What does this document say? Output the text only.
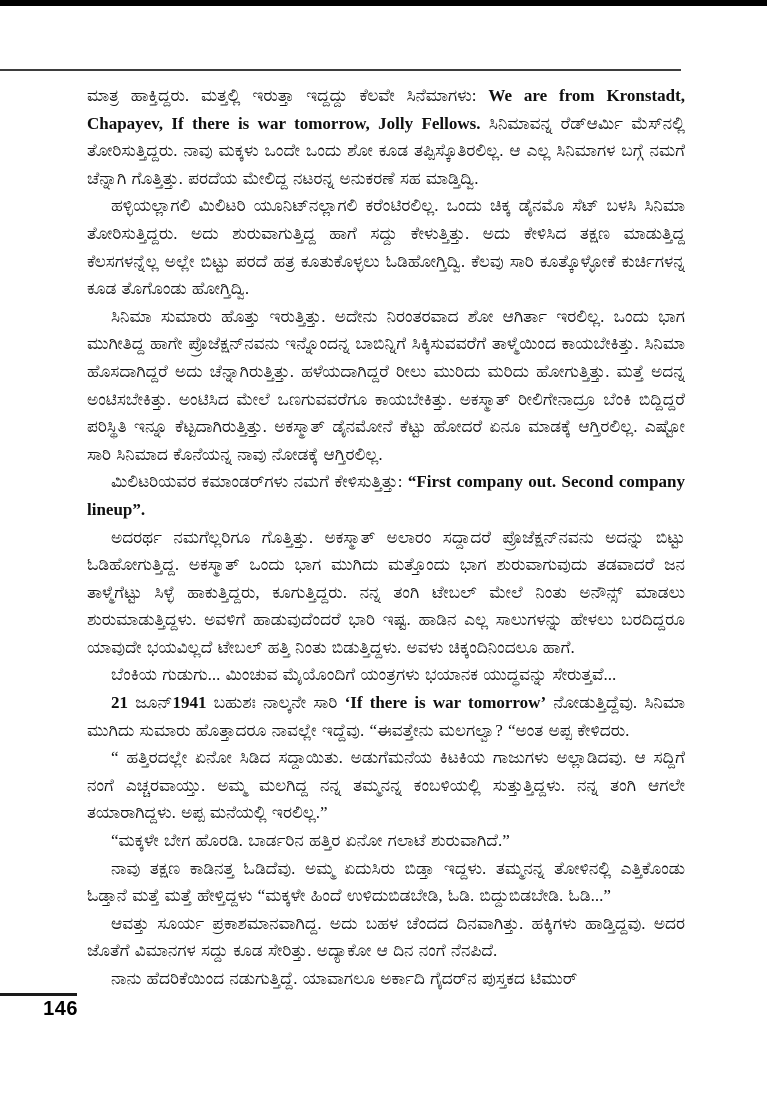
ಮಾತ್ರ ಹಾಕ್ತಿದ್ದರು. ಮತ್ತಲ್ಲಿ ಇರುತ್ತಾ ಇದ್ದದ್ದು ಕೆಲವೇ ಸಿನೆಮಾಗಳು: We are from Kronstadt, Chapayev, If there is war tomorrow, Jolly Fellows. ಸಿನಿಮಾವನ್ನ ರೆಡ್‌ಆರ್ಮಿ ಮೆಸ್‌ನಲ್ಲಿ ತೋರಿಸುತ್ತಿದ್ದರು. ನಾವು ಮಕ್ಕಳು ಒಂದೇ ಒಂದು ಶೋ ಕೂಡ ತಪ್ಪಿಸ್ಕೊತಿರಲಿಲ್ಲ. ಆ ಎಲ್ಲ ಸಿನಿಮಾಗಳ ಬಗ್ಗೆ ನಮಗೆ ಚೆನ್ನಾಗಿ ಗೊತ್ತಿತ್ತು. ಪರದೆಯ ಮೇಲಿದ್ದ ನಟರನ್ನ ಅನುಕರಣೆ ಸಹ ಮಾಡ್ತಿದ್ವಿ.

ಹಳ್ಳಿಯಲ್ಲಾಗಲಿ ಮಿಲಿಟರಿ ಯೂನಿಟ್‌ನಲ್ಲಾಗಲಿ ಕರೆಂಟಿರಲಿಲ್ಲ. ಒಂದು ಚಿಕ್ಕ ಡೈನಮೊ ಸೆಟ್ ಬಳಸಿ ಸಿನಿಮಾ ತೋರಿಸುತ್ತಿದ್ದರು. ಅದು ಶುರುವಾಗುತ್ತಿದ್ದ ಹಾಗೆ ಸದ್ದು ಕೇಳುತ್ತಿತ್ತು. ಅದು ಕೇಳಿಸಿದ ತಕ್ಷಣ ಮಾಡುತ್ತಿದ್ದ ಕೆಲಸಗಳನ್ನೆಲ್ಲ ಅಲ್ಲೇ ಬಿಟ್ಟು ಪರದೆ ಹತ್ರ ಕೂತುಕೊಳ್ಳಲು ಓಡಿಹೋಗ್ತಿದ್ವಿ. ಕೆಲವು ಸಾರಿ ಕೂತ್ಕೊಳ್ಳೋಕೆ ಕುರ್ಚಿಗಳನ್ನ ಕೂಡ ತೊಗೊಂಡು ಹೋಗ್ತಿದ್ವಿ.

ಸಿನಿಮಾ ಸುಮಾರು ಹೊತ್ತು ಇರುತ್ತಿತ್ತು. ಅದೇನು ನಿರಂತರವಾದ ಶೋ ಆಗಿರ್ತಾ ಇರಲಿಲ್ಲ. ಒಂದು ಭಾಗ ಮುಗೀತಿದ್ದ ಹಾಗೇ ಪ್ರೊಜೆಕ್ಷನ್‌ನವನು ಇನ್ನೊಂದನ್ನ ಬಾಬಿನ್ನಿಗೆ ಸಿಕ್ಕಿಸುವವರೆಗೆ ತಾಳ್ಮೆಯಿಂದ ಕಾಯಬೇಕಿತ್ತು. ಸಿನಿಮಾ ಹೊಸದಾಗಿದ್ದರೆ ಅದು ಚೆನ್ನಾಗಿರುತ್ತಿತ್ತು. ಹಳೆಯದಾಗಿದ್ದರೆ ರೀಲು ಮುರಿದು ಮರಿದು ಹೋಗುತ್ತಿತ್ತು. ಮತ್ತೆ ಅದನ್ನ ಅಂಟಿಸಬೇಕಿತ್ತು. ಅಂಟಿಸಿದ ಮೇಲೆ ಒಣಗುವವರೆಗೂ ಕಾಯಬೇಕಿತ್ತು. ಅಕಸ್ಮಾತ್ ರೀಲಿಗೇನಾದ್ರೂ ಬೆಂಕಿ ಬಿದ್ದಿದ್ದರೆ ಪರಿಸ್ಥಿತಿ ಇನ್ನೂ ಕೆಟ್ಟದಾಗಿರುತ್ತಿತ್ತು. ಅಕಸ್ಮಾತ್ ಡೈನಮೋನೆ ಕೆಟ್ಟು ಹೋದರೆ ಏನೂ ಮಾಡಕ್ಕೆ ಆಗ್ತಿರಲಿಲ್ಲ. ಎಷ್ಟೋ ಸಾರಿ ಸಿನಿಮಾದ ಕೊನೆಯನ್ನ ನಾವು ನೋಡಕ್ಕೆ ಆಗ್ತಿರಲಿಲ್ಲ.

ಮಿಲಿಟರಿಯವರ ಕಮಾಂಡರ್‌ಗಳು ನಮಗೆ ಕೇಳಿಸುತ್ತಿತ್ತು: “First company out. Second company lineup”.

ಅದರರ್ಥ ನಮಗೆಲ್ಲರಿಗೂ ಗೊತ್ತಿತ್ತು. ಅಕಸ್ಮಾತ್ ಅಲಾರಂ ಸದ್ದಾದರೆ ಪ್ರೊಜೆಕ್ಷನ್‌ನವನು ಅದನ್ನು ಬಿಟ್ಟು ಓಡಿಹೋಗುತ್ತಿದ್ದ. ಅಕಸ್ಮಾತ್ ಒಂದು ಭಾಗ ಮುಗಿದು ಮತ್ತೊಂದು ಭಾಗ ಶುರುವಾಗುವುದು ತಡವಾದರೆ ಜನ ತಾಳ್ಮೆಗೆಟ್ಟು ಸಿಳ್ಳೆ ಹಾಕುತ್ತಿದ್ದರು, ಕೂಗುತ್ತಿದ್ದರು. ನನ್ನ ತಂಗಿ ಟೇಬಲ್ ಮೇಲೆ ನಿಂತು ಅನೌನ್ಸ್ ಮಾಡಲು ಶುರುಮಾಡುತ್ತಿದ್ದಳು. ಅವಳಿಗೆ ಹಾಡುವುದೆಂದರೆ ಭಾರಿ ಇಷ್ಟ. ಹಾಡಿನ ಎಲ್ಲ ಸಾಲುಗಳನ್ನು ಹೇಳಲು ಬರದಿದ್ದರೂ ಯಾವುದೇ ಭಯವಿಲ್ಲದೆ ಟೇಬಲ್ ಹತ್ತಿ ನಿಂತು ಬಿಡುತ್ತಿದ್ದಳು. ಅವಳು ಚಿಕ್ಕಂದಿನಿಂದಲೂ ಹಾಗೆ.

ಬೆಂಕಿಯ ಗುಡುಗು... ಮಿಂಚುವ ಮೈಯೊಂದಿಗೆ ಯಂತ್ರಗಳು ಭಯಾನಕ ಯುದ್ಧವನ್ನು ಸೇರುತ್ತವೆ...

21 ಜೂನ್1941 ಬಹುಶಃ ನಾಲ್ಕನೇ ಸಾರಿ ‘If there is war tomorrow’ ನೋಡುತ್ತಿದ್ದೆವು. ಸಿನಿಮಾ ಮುಗಿದು ಸುಮಾರು ಹೊತ್ತಾದರೂ ನಾವಲ್ಲೇ ಇದ್ದೆವು. “ಈವತ್ತೇನು ಮಲಗಲ್ವಾ? “ಅಂತ ಅಪ್ಪ ಕೇಳಿದರು.

“ ಹತ್ತಿರದಲ್ಲೇ ಏನೋ ಸಿಡಿದ ಸದ್ದಾಯಿತು. ಅಡುಗೆಮನೆಯ ಕಿಟಕಿಯ ಗಾಜುಗಳು ಅಲ್ಲಾಡಿದವು. ಆ ಸದ್ದಿಗೆ ನಂಗೆ ಎಚ್ಚರವಾಯ್ತು. ಅಮ್ಮ ಮಲಗಿದ್ದ ನನ್ನ ತಮ್ಮನನ್ನ ಕಂಬಳಿಯಲ್ಲಿ ಸುತ್ತುತ್ತಿದ್ದಳು. ನನ್ನ ತಂಗಿ ಆಗಲೇ ತಯಾರಾಗಿದ್ದಳು. ಅಪ್ಪ ಮನೆಯಲ್ಲಿ ಇರಲಿಲ್ಲ.”

“ಮಕ್ಕಳೇ ಬೇಗ ಹೊರಡಿ. ಬಾರ್ಡರಿನ ಹತ್ತಿರ ಏನೋ ಗಲಾಟೆ ಶುರುವಾಗಿದೆ.”

ನಾವು ತಕ್ಷಣ ಕಾಡಿನತ್ತ ಓಡಿದೆವು. ಅಮ್ಮ ಏದುಸಿರು ಬಿಡ್ತಾ ಇದ್ದಳು. ತಮ್ಮನನ್ನ ತೋಳಿನಲ್ಲಿ ಎತ್ತಿಕೊಂಡು ಓಡ್ತಾನೆ ಮತ್ತೆ ಮತ್ತೆ ಹೇಳ್ತಿದ್ದಳು “ಮಕ್ಕಳೇ ಹಿಂದೆ ಉಳಿದುಬಿಡಬೇಡಿ, ಓಡಿ. ಬಿದ್ದುಬಿಡಬೇಡಿ. ಓಡಿ...”

ಆವತ್ತು ಸೂರ್ಯ ಪ್ರಕಾಶಮಾನವಾಗಿದ್ದ. ಅದು ಬಹಳ ಚೆಂದದ ದಿನವಾಗಿತ್ತು. ಹಕ್ಕಿಗಳು ಹಾಡ್ತಿದ್ದವು. ಅದರ ಜೊತೆಗೆ ವಿಮಾನಗಳ ಸದ್ದು ಕೂಡ ಸೇರಿತ್ತು. ಅದ್ಯಾಕೋ ಆ ದಿನ ನಂಗೆ ನೆನಪಿದೆ.

ನಾನು ಹೆದರಿಕೆಯಿಂದ ನಡುಗುತ್ತಿದ್ದೆ. ಯಾವಾಗಲೂ ಅರ್ಕಾದಿ ಗೈದರ್‌ನ ಪುಸ್ತಕದ ಟಿಮುರ್

146
